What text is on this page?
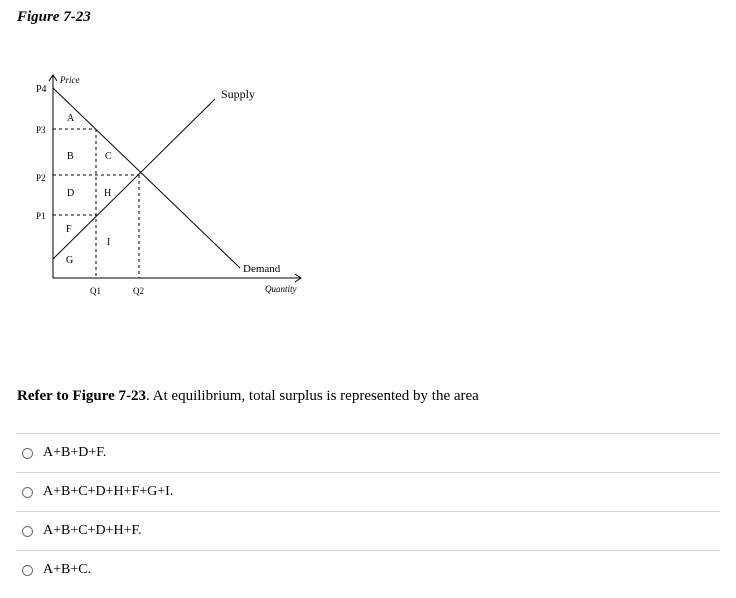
Figure 7-23
Price
Quantity
P4
P3
P2
P1
Q1	Q2
Supply
Demand
A
B	C
D	H
F
I
G
Refer to Figure 7-23. At equilibrium, total surplus is represented by the area
A+B+D+F.
A+B+C+D+H+F+G+I.
A+B+C+D+H+F.
A+B+C.
